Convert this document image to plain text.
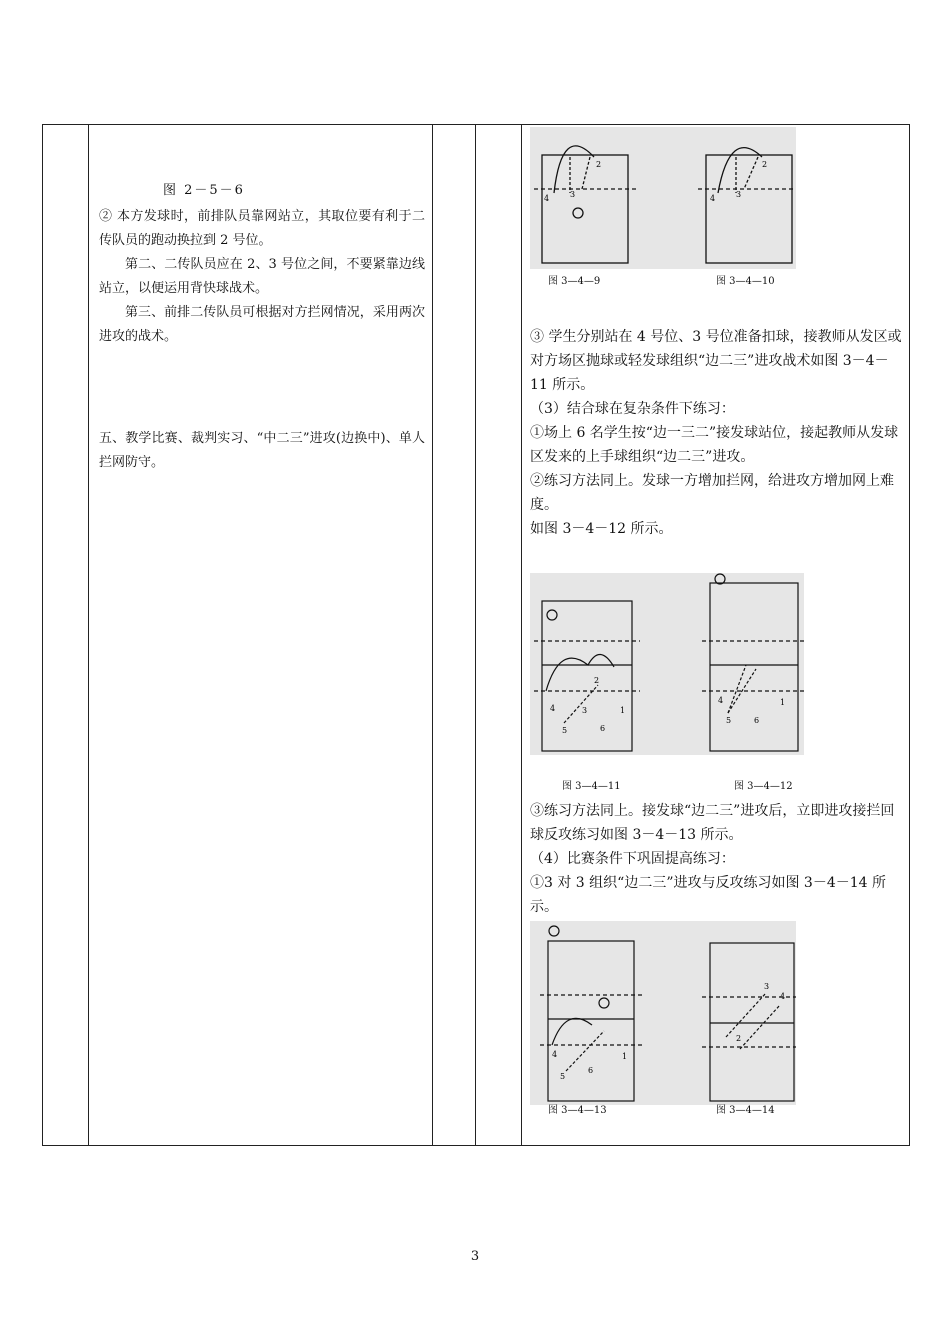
图 2－5－6
② 本方发球时，前排队员靠网站立，其取位要有利于二传队员的跑动换拉到 2 号位。
第二、二传队员应在 2、3 号位之间，不要紧靠边线站立，以便运用背快球战术。
第三、前排二传队员可根据对方拦网情况，采用两次进攻的战术。
五、教学比赛、裁判实习、“中二三”进攻(边换中)、单人拦网防守。

4	3
2
4	3
2
图 3—4—9	图 3—4—10
③ 学生分别站在 4 号位、3 号位准备扣球，接教师从发区或对方场区抛球或轻发球组织“边二三”进攻战术如图 3－4－11 所示。
（3）结合球在复杂条件下练习：
①场上 6 名学生按“边一三二”接发球站位，接起教师从发球区发来的上手球组织“边二三”进攻。
②练习方法同上。发球一方增加拦网，给进攻方增加网上难度。
如图 3－4－12 所示。
4	3
2
5	6
1
4
5	6
1
图 3—4—11	图 3—4—12
③练习方法同上。接发球“边二三”进攻后，立即进攻接拦回球反攻练习如图 3－4－13 所示。
（4）比赛条件下巩固提高练习：
①3 对 3 组织“边二三”进攻与反攻练习如图 3－4－14 所示。
4
5
6
1
3
4
2
图 3—4—13	图 3—4—14
3
